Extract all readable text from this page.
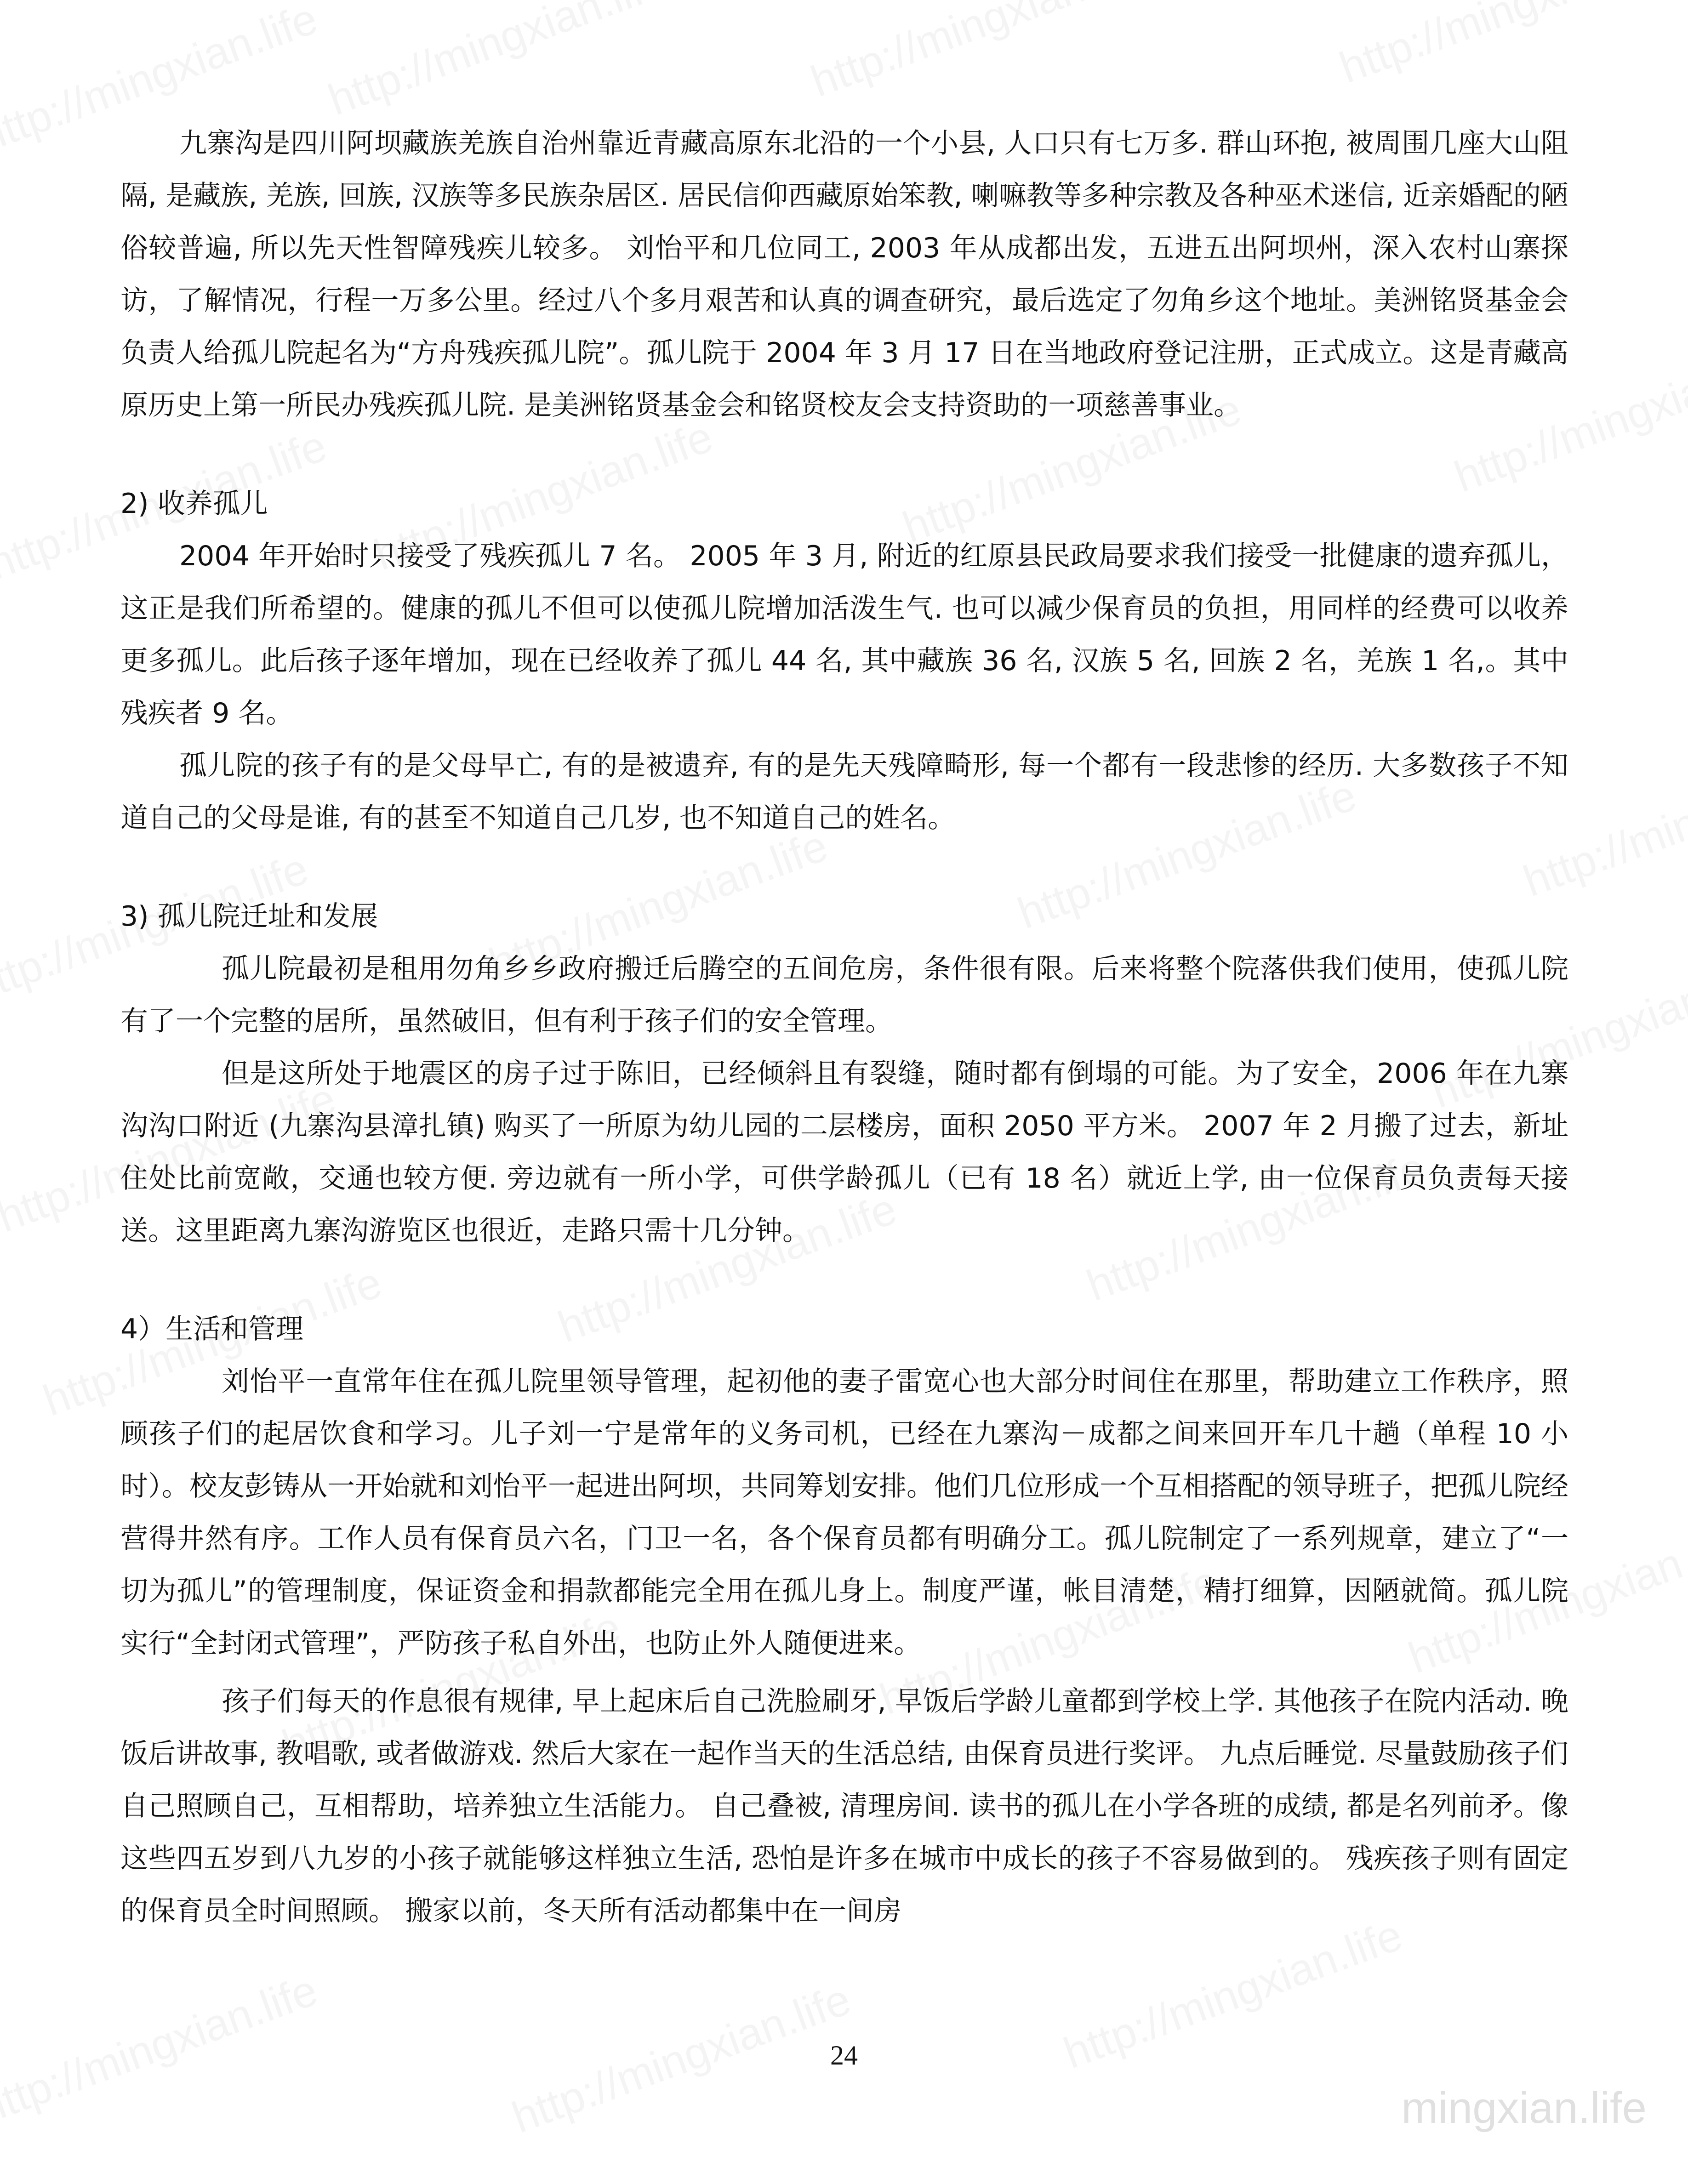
mingxian.life

九寨沟是四川阿坝藏族羌族自治州靠近青藏高原东北沿的一个小县, 人口只有七万多. 群山环抱, 被周围几座大山阻隔, 是藏族, 羌族, 回族, 汉族等多民族杂居区. 居民信仰西藏原始笨教, 喇嘛教等多种宗教及各种巫术迷信, 近亲婚配的陋俗较普遍, 所以先天性智障残疾儿较多。 刘怡平和几位同工, 2003 年从成都出发，五进五出阿坝州，深入农村山寨探访，了解情况，行程一万多公里。经过八个多月艰苦和认真的调查研究，最后选定了勿角乡这个地址。美洲铭贤基金会负责人给孤儿院起名为“方舟残疾孤儿院”。孤儿院于 2004 年 3 月 17 日在当地政府登记注册，正式成立。这是青藏高原历史上第一所民办残疾孤儿院. 是美洲铭贤基金会和铭贤校友会支持资助的一项慈善事业。

2) 收养孤儿

2004 年开始时只接受了残疾孤儿 7 名。 2005 年 3 月, 附近的红原县民政局要求我们接受一批健康的遗弃孤儿，这正是我们所希望的。健康的孤儿不但可以使孤儿院增加活泼生气. 也可以减少保育员的负担，用同样的经费可以收养更多孤儿。此后孩子逐年增加，现在已经收养了孤儿 44 名, 其中藏族 36 名, 汉族 5 名, 回族 2 名，羌族 1 名,。其中残疾者 9 名。

孤儿院的孩子有的是父母早亡, 有的是被遗弃, 有的是先天残障畸形, 每一个都有一段悲惨的经历. 大多数孩子不知道自己的父母是谁, 有的甚至不知道自己几岁, 也不知道自己的姓名。

3) 孤儿院迁址和发展

孤儿院最初是租用勿角乡乡政府搬迁后腾空的五间危房，条件很有限。后来将整个院落供我们使用，使孤儿院有了一个完整的居所，虽然破旧，但有利于孩子们的安全管理。

但是这所处于地震区的房子过于陈旧，已经倾斜且有裂缝，随时都有倒塌的可能。为了安全，2006 年在九寨沟沟口附近 (九寨沟县漳扎镇) 购买了一所原为幼儿园的二层楼房，面积 2050 平方米。 2007 年 2 月搬了过去，新址住处比前宽敞，交通也较方便. 旁边就有一所小学，可供学龄孤儿（已有 18 名）就近上学, 由一位保育员负责每天接送。这里距离九寨沟游览区也很近，走路只需十几分钟。

4）生活和管理

刘怡平一直常年住在孤儿院里领导管理，起初他的妻子雷宽心也大部分时间住在那里，帮助建立工作秩序，照顾孩子们的起居饮食和学习。儿子刘一宁是常年的义务司机，已经在九寨沟－成都之间来回开车几十趟（单程 10 小时）。校友彭铸从一开始就和刘怡平一起进出阿坝，共同筹划安排。他们几位形成一个互相搭配的领导班子，把孤儿院经营得井然有序。工作人员有保育员六名，门卫一名，各个保育员都有明确分工。孤儿院制定了一系列规章，建立了“一切为孤儿”的管理制度，保证资金和捐款都能完全用在孤儿身上。制度严谨，帐目清楚，精打细算，因陋就简。孤儿院实行“全封闭式管理”，严防孩子私自外出，也防止外人随便进来。

孩子们每天的作息很有规律, 早上起床后自己洗脸刷牙, 早饭后学龄儿童都到学校上学. 其他孩子在院内活动. 晚饭后讲故事, 教唱歌, 或者做游戏. 然后大家在一起作当天的生活总结, 由保育员进行奖评。 九点后睡觉. 尽量鼓励孩子们自己照顾自己，互相帮助，培养独立生活能力。 自己叠被, 清理房间. 读书的孤儿在小学各班的成绩, 都是名列前矛。像这些四五岁到八九岁的小孩子就能够这样独立生活, 恐怕是许多在城市中成长的孩子不容易做到的。 残疾孩子则有固定的保育员全时间照顾。 搬家以前，冬天所有活动都集中在一间房

24
